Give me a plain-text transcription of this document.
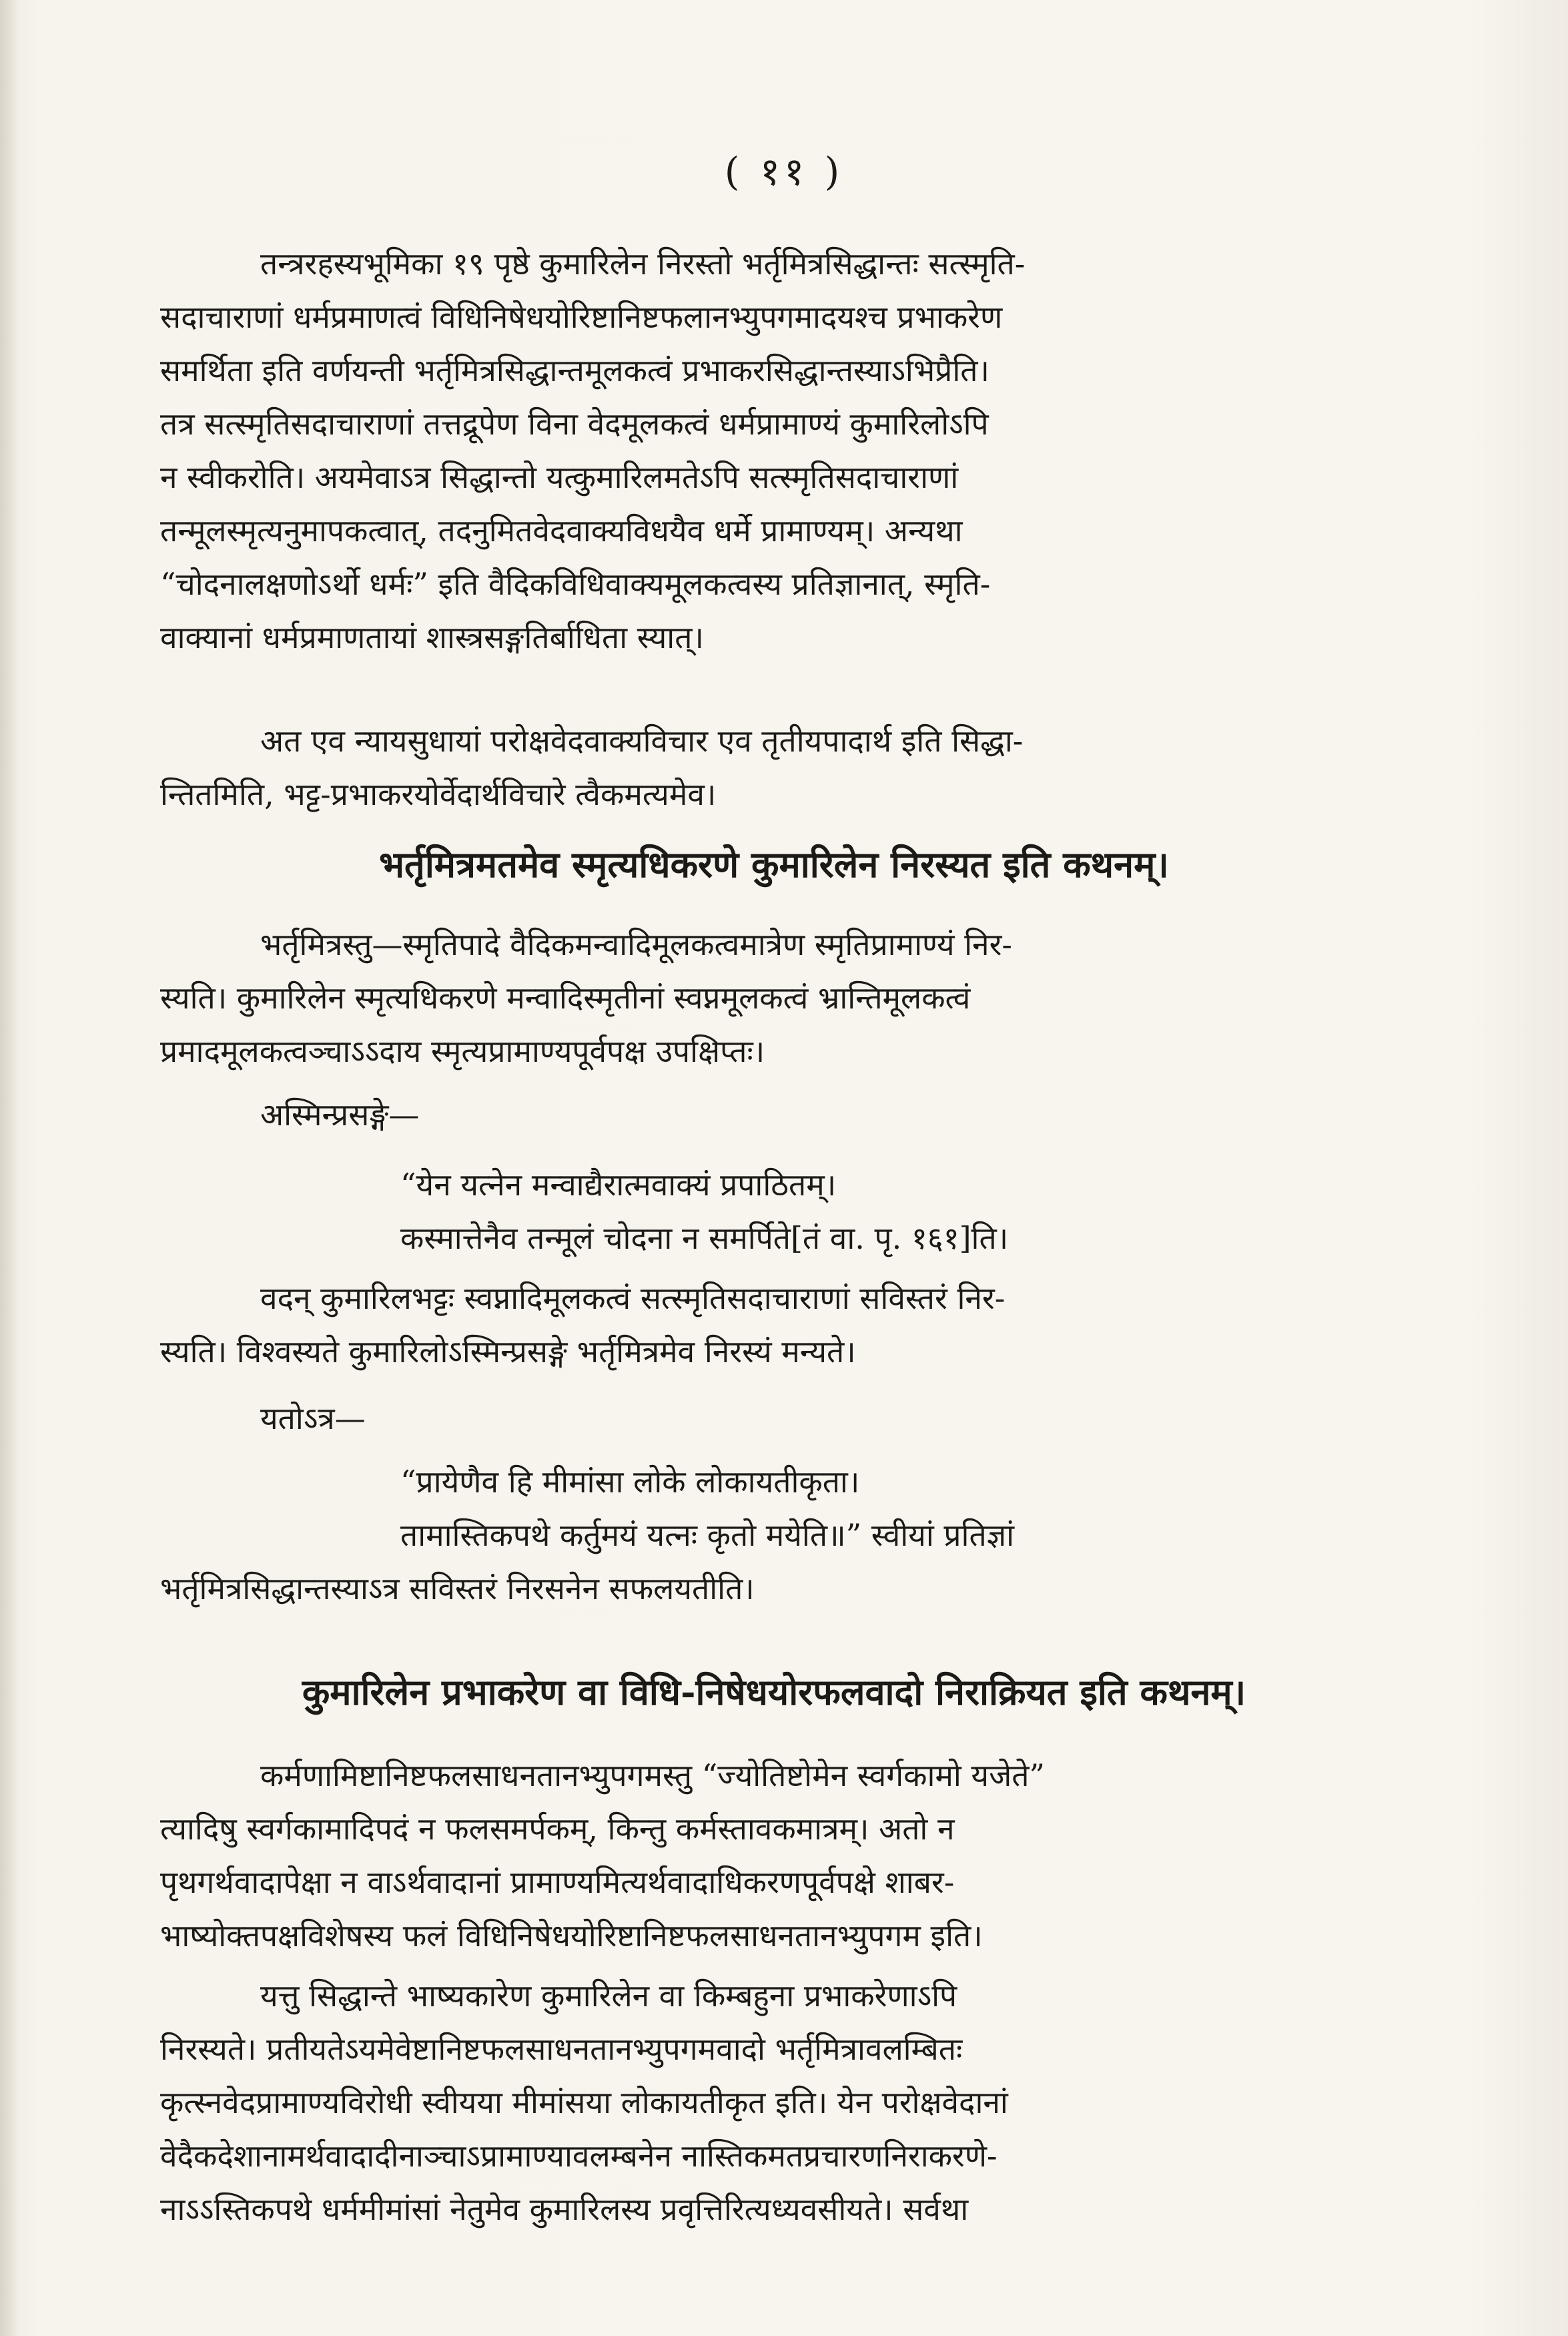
( ११ )
तन्त्ररहस्यभूमिका १९ पृष्ठे कुमारिलेन निरस्तो भर्तृमित्रसिद्धान्तः सत्स्मृति-
सदाचाराणां धर्मप्रमाणत्वं विधिनिषेधयोरिष्टानिष्टफलानभ्युपगमादयश्च प्रभाकरेण
समर्थिता इति वर्णयन्ती भर्तृमित्रसिद्धान्तमूलकत्वं प्रभाकरसिद्धान्तस्याऽभिप्रैति।
तत्र सत्स्मृतिसदाचाराणां तत्तद्रूपेण विना वेदमूलकत्वं धर्मप्रामाण्यं कुमारिलोऽपि
न स्वीकरोति। अयमेवाऽत्र सिद्धान्तो यत्कुमारिलमतेऽपि सत्स्मृतिसदाचाराणां
तन्मूलस्मृत्यनुमापकत्वात्, तदनुमितवेदवाक्यविधयैव धर्मे प्रामाण्यम्। अन्यथा
“चोदनालक्षणोऽर्थो धर्मः” इति वैदिकविधिवाक्यमूलकत्वस्य प्रतिज्ञानात्, स्मृति-
वाक्यानां धर्मप्रमाणतायां शास्त्रसङ्गतिर्बाधिता स्यात्।
अत एव न्यायसुधायां परोक्षवेदवाक्यविचार एव तृतीयपादार्थ इति सिद्धा-
न्तितमिति, भट्ट-प्रभाकरयोर्वेदार्थविचारे त्वैकमत्यमेव।
भर्तृमित्रमतमेव स्मृत्यधिकरणे कुमारिलेन निरस्यत इति कथनम्।
भर्तृमित्रस्तु—स्मृतिपादे वैदिकमन्वादिमूलकत्वमात्रेण स्मृतिप्रामाण्यं निर-
स्यति। कुमारिलेन स्मृत्यधिकरणे मन्वादिस्मृतीनां स्वप्नमूलकत्वं भ्रान्तिमूलकत्वं
प्रमादमूलकत्वञ्चाऽऽदाय स्मृत्यप्रामाण्यपूर्वपक्ष उपक्षिप्तः।
अस्मिन्प्रसङ्गे—
“येन यत्नेन मन्वाद्यैरात्मवाक्यं प्रपाठितम्।
कस्मात्तेनैव तन्मूलं चोदना न समर्पिते[तं वा. पृ. १६१]ति।
वदन् कुमारिलभट्टः स्वप्नादिमूलकत्वं सत्स्मृतिसदाचाराणां सविस्तरं निर-
स्यति। विश्वस्यते कुमारिलोऽस्मिन्प्रसङ्गे भर्तृमित्रमेव निरस्यं मन्यते।
यतोऽत्र—
“प्रायेणैव हि मीमांसा लोके लोकायतीकृता।
तामास्तिकपथे कर्तुमयं यत्नः कृतो मयेति॥” स्वीयां प्रतिज्ञां
भर्तृमित्रसिद्धान्तस्याऽत्र सविस्तरं निरसनेन सफलयतीति।
कुमारिलेन प्रभाकरेण वा विधि-निषेधयोरफलवादो निराक्रियत इति कथनम्।
कर्मणामिष्टानिष्टफलसाधनतानभ्युपगमस्तु “ज्योतिष्टोमेन स्वर्गकामो यजेते”
त्यादिषु स्वर्गकामादिपदं न फलसमर्पकम्, किन्तु कर्मस्तावकमात्रम्। अतो न
पृथगर्थवादापेक्षा न वाऽर्थवादानां प्रामाण्यमित्यर्थवादाधिकरणपूर्वपक्षे शाबर-
भाष्योक्तपक्षविशेषस्य फलं विधिनिषेधयोरिष्टानिष्टफलसाधनतानभ्युपगम इति।
यत्तु सिद्धान्ते भाष्यकारेण कुमारिलेन वा किम्बहुना प्रभाकरेणाऽपि
निरस्यते। प्रतीयतेऽयमेवेष्टानिष्टफलसाधनतानभ्युपगमवादो भर्तृमित्रावलम्बितः
कृत्स्नवेदप्रामाण्यविरोधी स्वीयया मीमांसया लोकायतीकृत इति। येन परोक्षवेदानां
वेदैकदेशानामर्थवादादीनाञ्चाऽप्रामाण्यावलम्बनेन नास्तिकमतप्रचारणनिराकरणे-
नाऽऽस्तिकपथे धर्ममीमांसां नेतुमेव कुमारिलस्य प्रवृत्तिरित्यध्यवसीयते। सर्वथा
